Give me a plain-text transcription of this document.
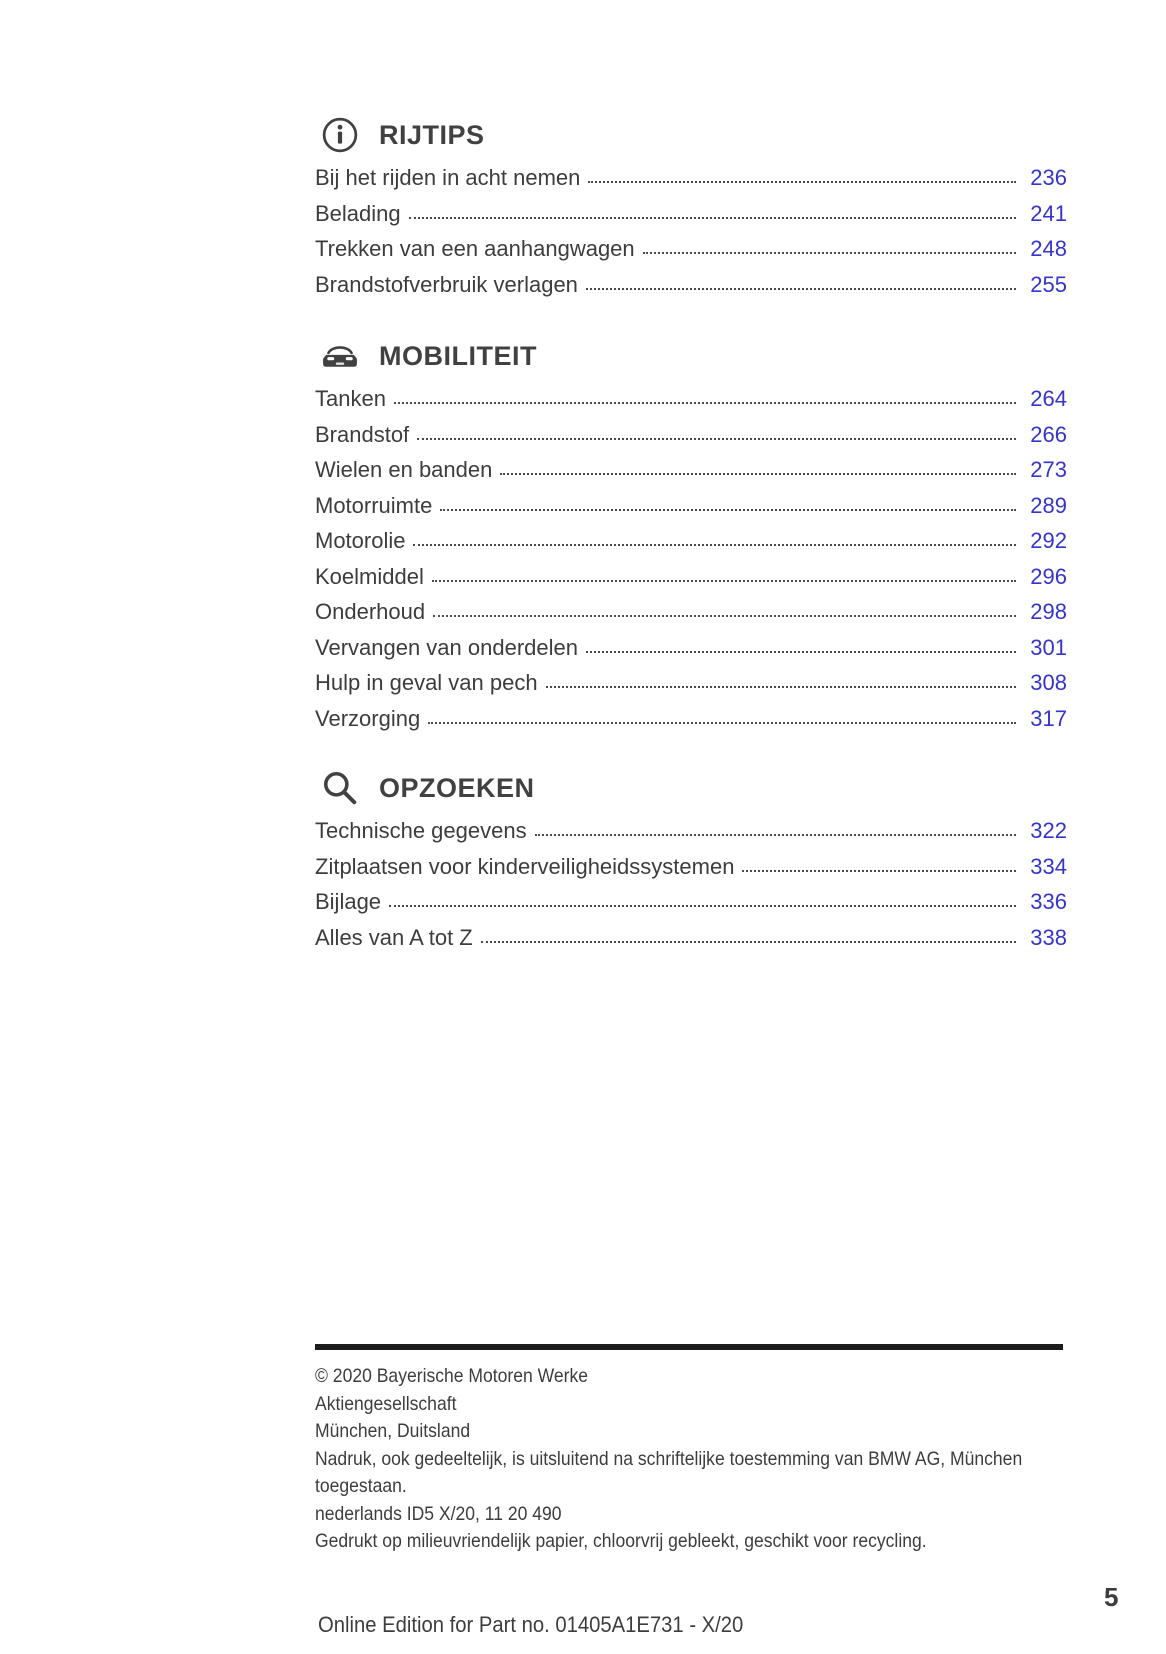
RIJTIPS
Bij het rijden in acht nemen	236
Belading	241
Trekken van een aanhangwagen	248
Brandstofverbruik verlagen	255
MOBILITEIT
Tanken	264
Brandstof	266
Wielen en banden	273
Motorruimte	289
Motorolie	292
Koelmiddel	296
Onderhoud	298
Vervangen van onderdelen	301
Hulp in geval van pech	308
Verzorging	317
OPZOEKEN
Technische gegevens	322
Zitplaatsen voor kinderveiligheidssystemen	334
Bijlage	336
Alles van A tot Z	338
© 2020 Bayerische Motoren Werke
Aktiengesellschaft
München, Duitsland
Nadruk, ook gedeeltelijk, is uitsluitend na schriftelijke toestemming van BMW AG, München
toegestaan.
nederlands ID5 X/20, 11 20 490
Gedrukt op milieuvriendelijk papier, chloorvrij gebleekt, geschikt voor recycling.
5
Online Edition for Part no. 01405A1E731 - X/20
